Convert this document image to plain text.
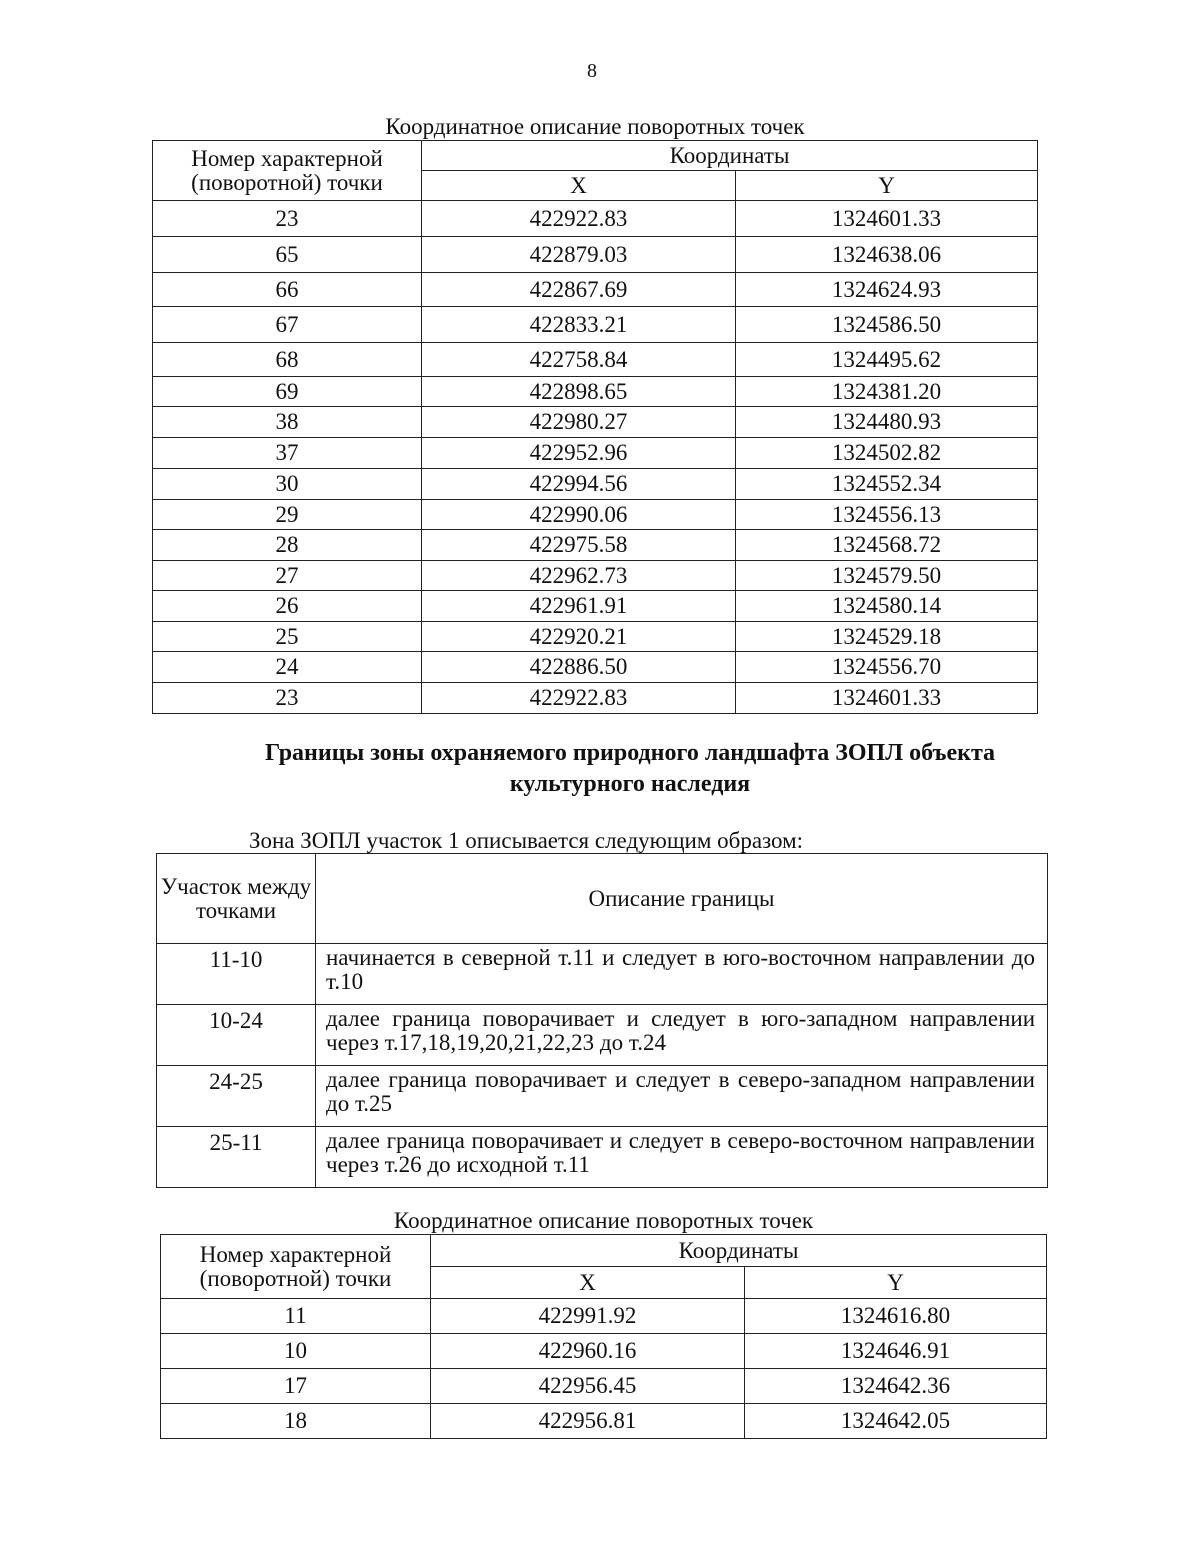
8
Координатное описание поворотных точек
Номер характерной (поворотной) точки	Координаты	
	X	Y
23	422922.83	1324601.33
65	422879.03	1324638.06
66	422867.69	1324624.93
67	422833.21	1324586.50
68	422758.84	1324495.62
69	422898.65	1324381.20
38	422980.27	1324480.93
37	422952.96	1324502.82
30	422994.56	1324552.34
29	422990.06	1324556.13
28	422975.58	1324568.72
27	422962.73	1324579.50
26	422961.91	1324580.14
25	422920.21	1324529.18
24	422886.50	1324556.70
23	422922.83	1324601.33
Границы зоны охраняемого природного ландшафта ЗОПЛ объекта культурного наследия
Зона ЗОПЛ участок 1 описывается следующим образом:
Участок между точками	Описание границы
11-10	начинается в северной т.11 и следует в юго-восточном направлении до т.10
10-24	далее граница поворачивает и следует в юго-западном направлении через т.17,18,19,20,21,22,23 до т.24
24-25	далее граница поворачивает и следует в северо-западном направлении до т.25
25-11	далее граница поворачивает и следует в северо-восточном направлении через т.26 до исходной т.11
Координатное описание поворотных точек
Номер характерной (поворотной) точки	Координаты	
	X	Y
11	422991.92	1324616.80
10	422960.16	1324646.91
17	422956.45	1324642.36
18	422956.81	1324642.05
